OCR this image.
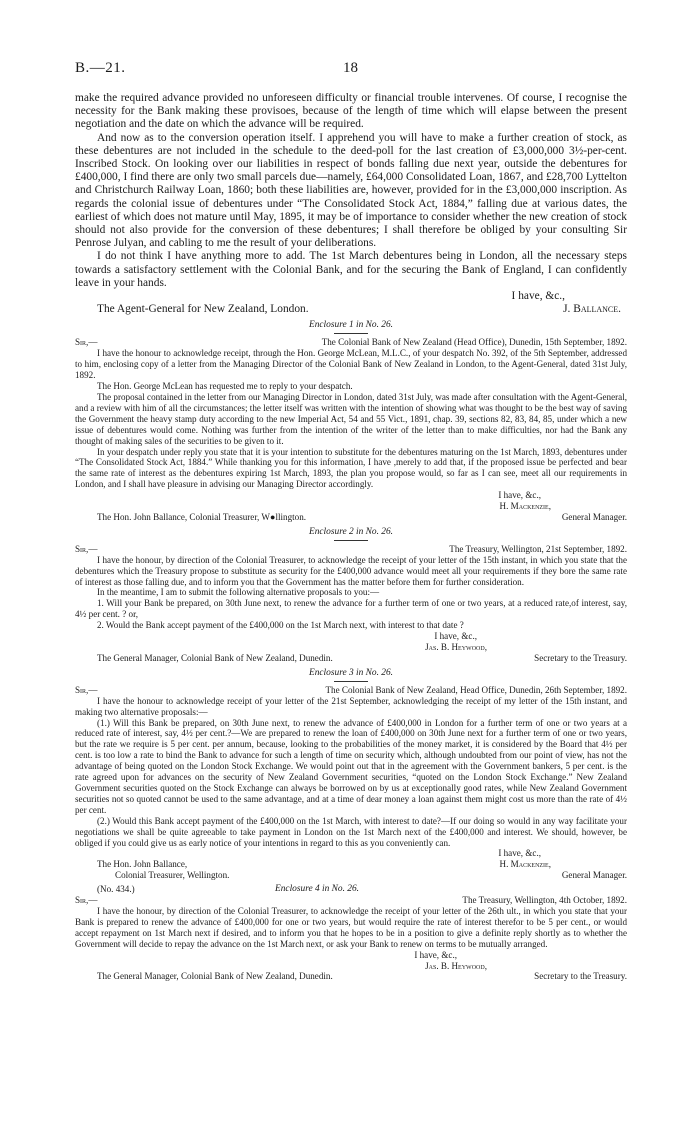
B.—21.	18

make the required advance provided no unforeseen difficulty or financial trouble intervenes. Of course, I recognise the necessity for the Bank making these provisoes, because of the length of time which will elapse between the present negotiation and the date on which the advance will be required.

And now as to the conversion operation itself. I apprehend you will have to make a further creation of stock, as these debentures are not included in the schedule to the deed-poll for the last creation of £3,000,000 3½-per-cent. Inscribed Stock. On looking over our liabilities in respect of bonds falling due next year, outside the debentures for £400,000, I find there are only two small parcels due—namely, £64,000 Consolidated Loan, 1867, and £28,700 Lyttelton and Christchurch Railway Loan, 1860; both these liabilities are, however, provided for in the £3,000,000 inscription. As regards the colonial issue of debentures under “The Consolidated Stock Act, 1884,” falling due at various dates, the earliest of which does not mature until May, 1895, it may be of importance to consider whether the new creation of stock should not also provide for the conversion of these debentures; I shall therefore be obliged by your consulting Sir Penrose Julyan, and cabling to me the result of your deliberations.

I do not think I have anything more to add. The 1st March debentures being in London, all the necessary steps towards a satisfactory settlement with the Colonial Bank, and for the securing the Bank of England, I can confidently leave in your hands.

I have, &c.,

The Agent-General for New Zealand, London.	J. Ballance.
Enclosure 1 in No. 26.
Sir,—	The Colonial Bank of New Zealand (Head Office), Dunedin, 15th September, 1892.

I have the honour to acknowledge receipt, through the Hon. George McLean, M.L.C., of your despatch No. 392, of the 5th September, addressed to him, enclosing copy of a letter from the Managing Director of the Colonial Bank of New Zealand in London, to the Agent-General, dated 31st July, 1892.

The Hon. George McLean has requested me to reply to your despatch.

The proposal contained in the letter from our Managing Director in London, dated 31st July, was made after consultation with the Agent-General, and a review with him of all the circumstances; the letter itself was written with the intention of showing what was thought to be the best way of saving the Government the heavy stamp duty according to the new Imperial Act, 54 and 55 Vict., 1891, chap. 39, sections 82, 83, 84, 85, under which a new issue of debentures would come. Nothing was further from the intention of the writer of the letter than to make difficulties, nor had the Bank any thought of making sales of the securities to be given to it.

In your despatch under reply you state that it is your intention to substitute for the debentures maturing on the 1st March, 1893, debentures under “The Consolidated Stock Act, 1884.” While thanking you for this information, I have ,merely to add that, if the proposed issue be perfected and bear the same rate of interest as the debentures expiring 1st March, 1893, the plan you propose would, so far as I can see, meet all our requirements in London, and I shall have pleasure in advising our Managing Director accordingly.

I have, &c.,
H. Mackenzie,
The Hon. John Ballance, Colonial Treasurer, W●llington.	General Manager.
Enclosure 2 in No. 26.
Sir,—	The Treasury, Wellington, 21st September, 1892.

I have the honour, by direction of the Colonial Treasurer, to acknowledge the receipt of your letter of the 15th instant, in which you state that the debentures which the Treasury propose to substitute as security for the £400,000 advance would meet all your requirements if they bore the same rate of interest as those falling due, and to inform you that the Government has the matter before them for further consideration.

In the meantime, I am to submit the following alternative proposals to you:—

1. Will your Bank be prepared, on 30th June next, to renew the advance for a further term of one or two years, at a reduced rate,of interest, say, 4½ per cent. ? or,

2. Would the Bank accept payment of the £400,000 on the 1st March next, with interest to that date ?

I have, &c.,
Jas. B. Heywood,
The General Manager, Colonial Bank of New Zealand, Dunedin.	Secretary to the Treasury.
Enclosure 3 in No. 26.
Sir,—	The Colonial Bank of New Zealand, Head Office, Dunedin, 26th September, 1892.

I have the honour to acknowledge receipt of your letter of the 21st September, acknowledging the receipt of my letter of the 15th instant, and making two alternative proposals:—

(1.) Will this Bank be prepared, on 30th June next, to renew the advance of £400,000 in London for a further term of one or two years at a reduced rate of interest, say, 4½ per cent.?—We are prepared to renew the loan of £400,000 on 30th June next for a further term of one or two years, but the rate we require is 5 per cent. per annum, because, looking to the probabilities of the money market, it is considered by the Board that 4½ per cent. is too low a rate to bind the Bank to advance for such a length of time on security which, although undoubted from our point of view, has not the advantage of being quoted on the London Stock Exchange. We would point out that in the agreement with the Government bankers, 5 per cent. is the rate agreed upon for advances on the security of New Zealand Government securities, “quoted on the London Stock Exchange.” New Zealand Government securities quoted on the Stock Exchange can always be borrowed on by us at exceptionally good rates, while New Zealand Government securities not so quoted cannot be used to the same advantage, and at a time of dear money a loan against them might cost us more than the rate of 4½ per cent.

(2.) Would this Bank accept payment of the £400,000 on the 1st March, with interest to date?—If our doing so would in any way facilitate your negotiations we shall be quite agreeable to take payment in London on the 1st March next of the £400,000 and interest. We should, however, be obliged if you could give us as early notice of your intentions in regard to this as you conveniently can.

I have, &c.,
The Hon. John Ballance,	H. Mackenzie,
Colonial Treasurer, Wellington.	General Manager.
(No. 434.)	Enclosure 4 in No. 26.
Sir,—	The Treasury, Wellington, 4th October, 1892.

I have the honour, by direction of the Colonial Treasurer, to acknowledge the receipt of your letter of the 26th ult., in which you state that your Bank is prepared to renew the advance of £400,000 for one or two years, but would require the rate of interest therefor to be 5 per cent., or would accept repayment on 1st March next if desired, and to inform you that he hopes to be in a position to give a definite reply shortly as to whether the Government will decide to repay the advance on the 1st March next, or ask your Bank to renew on terms to be mutually arranged.

I have, &c.,
Jas. B. Heywood,
The General Manager, Colonial Bank of New Zealand, Dunedin.	Secretary to the Treasury.
